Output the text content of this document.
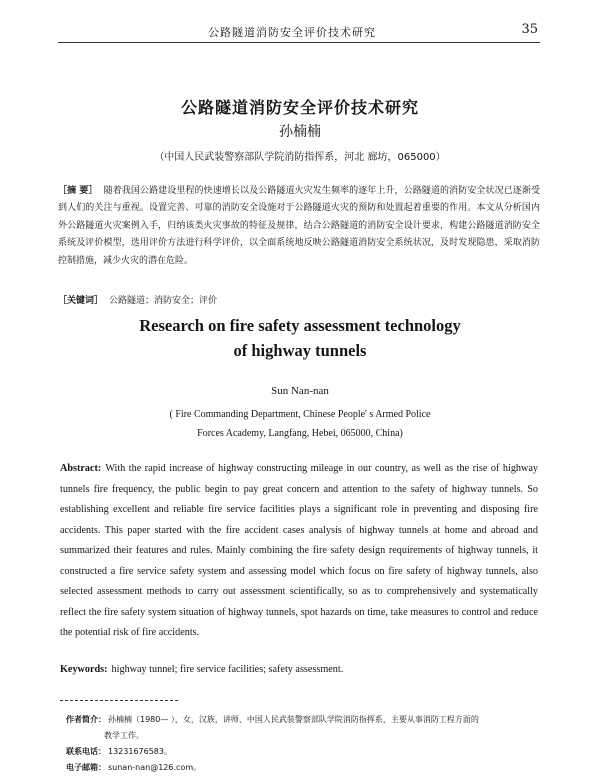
公路隧道消防安全评价技术研究	35
公路隧道消防安全评价技术研究
孙楠楠
（中国人民武装警察部队学院消防指挥系，河北 廊坊，065000）

［摘 要］ 随着我国公路建设里程的快速增长以及公路隧道火灾发生频率的逐年上升，公路隧道的消防安全状况已逐渐受到人们的关注与重视。设置完善、可靠的消防安全设施对于公路隧道火灾的预防和处置起着重要的作用。本文从分析国内外公路隧道火灾案例入手，归纳该类火灾事故的特征及规律，结合公路隧道的消防安全设计要求，构建公路隧道消防安全系统及评价模型，选用评价方法进行科学评价，以全面系统地反映公路隧道消防安全系统状况，及时发现隐患，采取消防控制措施，减少火灾的潜在危险。

［关键词］ 公路隧道；消防安全；评价
Research on fire safety assessment technology
of highway tunnels
Sun Nan-nan
( Fire Commanding Department, Chinese People' s Armed Police
Forces Academy, Langfang, Hebei, 065000, China)

Abstract: With the rapid increase of highway constructing mileage in our country, as well as the rise of highway tunnels fire frequency, the public begin to pay great concern and attention to the safety of highway tunnels. So establishing excellent and reliable fire service facilities plays a significant role in preventing and disposing fire accidents. This paper started with the fire accident cases analysis of highway tunnels at home and abroad and summarized their features and rules. Mainly combining the fire safety design requirements of highway tunnels, it constructed a fire service safety system and assessing model which focus on fire safety of highway tunnels, also selected assessment methods to carry out assessment scientifically, so as to comprehensively and systematically reflect the fire safety system situation of highway tunnels, spot hazards on time, take measures to control and reduce the potential risk of fire accidents.

Keywords: highway tunnel; fire service facilities; safety assessment.
作者简介： 孙楠楠（1980— ），女，汉族，讲师，中国人民武装警察部队学院消防指挥系，主要从事消防工程方面的
教学工作。
联系电话： 13231676583。
电子邮箱： sunan-nan@126.com。
